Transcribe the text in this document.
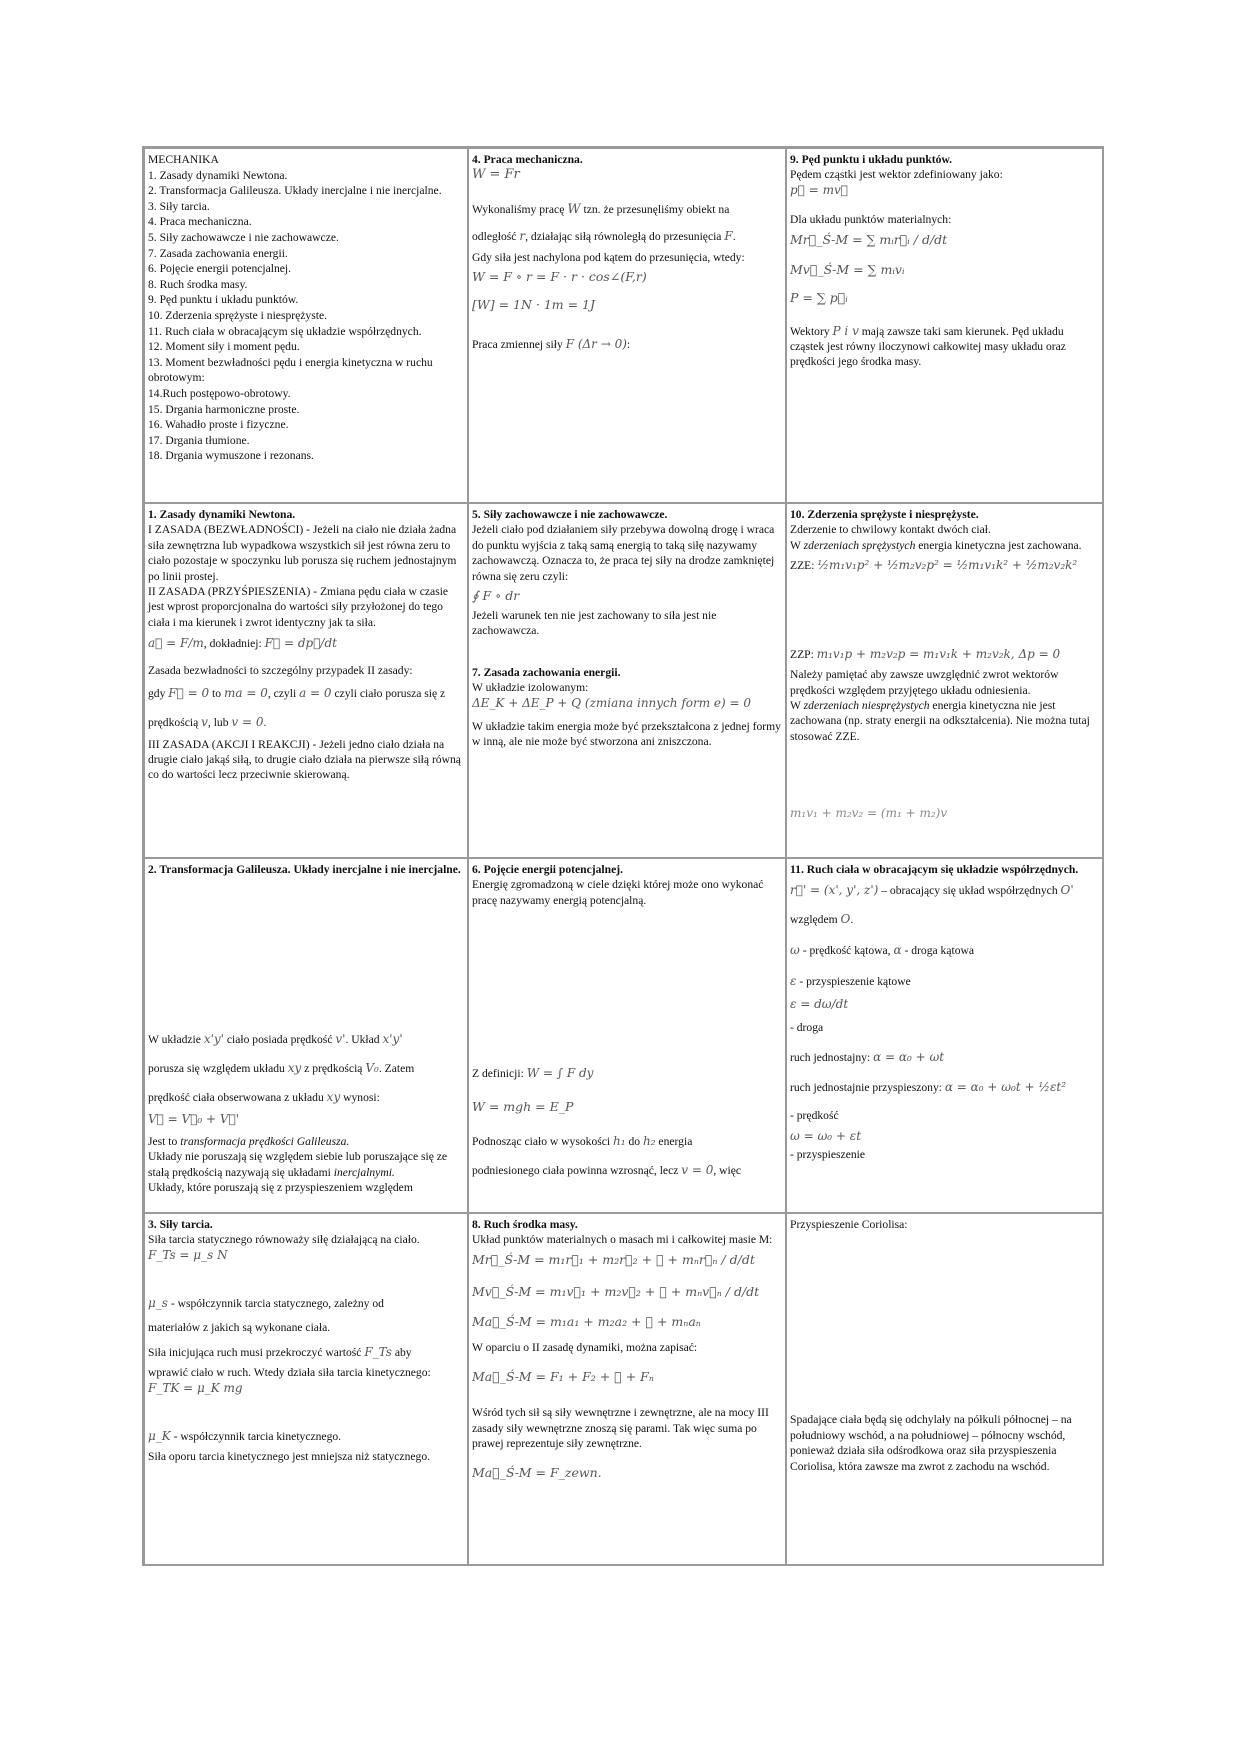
MECHANIKA

1. Zasady dynamiki Newtona.

2. Transformacja Galileusza. Układy inercjalne i nie inercjalne.

3. Siły tarcia.

4. Praca mechaniczna.

5. Siły zachowawcze i nie zachowawcze.

7. Zasada zachowania energii.

6. Pojęcie energii potencjalnej.

8. Ruch środka masy.

9. Pęd punktu i układu punktów.

10. Zderzenia sprężyste i niesprężyste.

11. Ruch ciała w obracającym się układzie współrzędnych.

12. Moment siły i moment pędu.

13. Moment bezwładności pędu i energia kinetyczna w ruchu obrotowym:

14.Ruch postępowo-obrotowy.

15. Drgania harmoniczne proste.

16. Wahadło proste i fizyczne.

17. Drgania tłumione.

18. Drgania wymuszone i rezonans.

4. Praca mechaniczna.

W = Fr

Wykonaliśmy pracę W tzn. że przesunęliśmy obiekt na

odległość r, działając siłą równoległą do przesunięcia F.

Gdy siła jest nachylona pod kątem do przesunięcia, wtedy:

W = F ∘ r = F · r · cos∠(F,r)

[W] = 1N · 1m = 1J

Praca zmiennej siły F (Δr → 0):

9. Pęd punktu i układu punktów.

Pędem cząstki jest wektor zdefiniowany jako:

p⃗ = mv⃗

Dla układu punktów materialnych:

Mr⃗_Ś-M = ∑ mᵢr⃗ᵢ / d/dt

Mv⃗_Ś-M = ∑ mᵢvᵢ

P = ∑ p⃗ᵢ

Wektory P i v mają zawsze taki sam kierunek. Pęd układu cząstek jest równy iloczynowi całkowitej masy układu oraz prędkości jego środka masy.

1. Zasady dynamiki Newtona.

I ZASADA (BEZWŁADNOŚCI) - Jeżeli na ciało nie działa żadna siła zewnętrzna lub wypadkowa wszystkich sił jest równa zeru to ciało pozostaje w spoczynku lub porusza się ruchem jednostajnym po linii prostej.

II ZASADA (PRZYŚPIESZENIA) - Zmiana pędu ciała w czasie jest wprost proporcjonalna do wartości siły przyłożonej do tego ciała i ma kierunek i zwrot identyczny jak ta siła.

a⃗ = F/m, dokładniej: F⃗ = dp⃗/dt

Zasada bezwładności to szczególny przypadek II zasady:

gdy F⃗ = 0 to ma = 0, czyli a = 0 czyli ciało porusza się z

prędkością v, lub v = 0.

III ZASADA (AKCJI I REAKCJI) - Jeżeli jedno ciało działa na drugie ciało jakąś siłą, to drugie ciało działa na pierwsze siłą równą co do wartości lecz przeciwnie skierowaną.

5. Siły zachowawcze i nie zachowawcze.

Jeżeli ciało pod działaniem siły przebywa dowolną drogę i wraca do punktu wyjścia z taką samą energią to taką siłę nazywamy zachowawczą. Oznacza to, że praca tej siły na drodze zamkniętej równa się zeru czyli:

∮ F ∘ dr

Jeżeli warunek ten nie jest zachowany to siła jest nie zachowawcza.

7. Zasada zachowania energii.

W układzie izolowanym:

ΔE_K + ΔE_P + Q (zmiana innych form e) = 0

W układzie takim energia może być przekształcona z jednej formy w inną, ale nie może być stworzona ani zniszczona.

10. Zderzenia sprężyste i niesprężyste.

Zderzenie to chwilowy kontakt dwóch ciał.

W zderzeniach sprężystych energia kinetyczna jest zachowana.

ZZE: ½m₁v₁p² + ½m₂v₂p² = ½m₁v₁k² + ½m₂v₂k²

ZZP: m₁v₁p + m₂v₂p = m₁v₁k + m₂v₂k, Δp = 0

Należy pamiętać aby zawsze uwzględnić zwrot wektorów prędkości względem przyjętego układu odniesienia.

W zderzeniach niesprężystych energia kinetyczna nie jest zachowana (np. straty energii na odkształcenia). Nie można tutaj stosować ZZE.

m₁v₁ + m₂v₂ = (m₁ + m₂)v

2. Transformacja Galileusza. Układy inercjalne i nie inercjalne.

W układzie x'y' ciało posiada prędkość v'. Układ x'y'

porusza się względem układu xy z prędkością V₀. Zatem

prędkość ciała obserwowana z układu xy wynosi:

V⃗ = V⃗₀ + V⃗'

Jest to transformacja prędkości Galileusza.

Układy nie poruszają się względem siebie lub poruszające się ze stałą prędkością nazywają się układami inercjalnymi.

Układy, które poruszają się z przyspieszeniem względem

6. Pojęcie energii potencjalnej.

Energię zgromadzoną w ciele dzięki której może ono wykonać pracę nazywamy energią potencjalną.

Z definicji: W = ∫ F dy

W = mgh = E_P

Podnosząc ciało w wysokości h₁ do h₂ energia

podniesionego ciała powinna wzrosnąć, lecz v = 0, więc

11. Ruch ciała w obracającym się układzie współrzędnych.

r⃗' = (x', y', z') – obracający się układ współrzędnych O'

względem O.

ω - prędkość kątowa, α - droga kątowa

ε - przyspieszenie kątowe

ε = dω/dt

- droga

ruch jednostajny: α = α₀ + ωt

ruch jednostajnie przyspieszony: α = α₀ + ω₀t + ½εt²

- prędkość

ω = ω₀ + εt

- przyspieszenie

3. Siły tarcia.

Siła tarcia statycznego równoważy siłę działającą na ciało.

F_Ts = μ_s N

μ_s - współczynnik tarcia statycznego, zależny od

materiałów z jakich są wykonane ciała.

Siła inicjująca ruch musi przekroczyć wartość F_Ts aby

wprawić ciało w ruch. Wtedy działa siła tarcia kinetycznego:

F_TK = μ_K mg

μ_K - współczynnik tarcia kinetycznego.

Siła oporu tarcia kinetycznego jest mniejsza niż statycznego.

8. Ruch środka masy.

Układ punktów materialnych o masach mi i całkowitej masie M:

Mr⃗_Ś-M = m₁r⃗₁ + m₂r⃗₂ + ⋯ + mₙr⃗ₙ / d/dt

Mv⃗_Ś-M = m₁v⃗₁ + m₂v⃗₂ + ⋯ + mₙv⃗ₙ / d/dt

Ma⃗_Ś-M = m₁a₁ + m₂a₂ + ⋯ + mₙaₙ

W oparciu o II zasadę dynamiki, można zapisać:

Ma⃗_Ś-M = F₁ + F₂ + ⋯ + Fₙ

Wśród tych sił są siły wewnętrzne i zewnętrzne, ale na mocy III zasady siły wewnętrzne znoszą się parami. Tak więc suma po prawej reprezentuje siły zewnętrzne.

Ma⃗_Ś-M = F_zewn.

Przyspieszenie Coriolisa:

Spadające ciała będą się odchylały na półkuli północnej – na południowy wschód, a na południowej – północny wschód, ponieważ działa siła odśrodkowa oraz siła przyspieszenia Coriolisa, która zawsze ma zwrot z zachodu na wschód.
